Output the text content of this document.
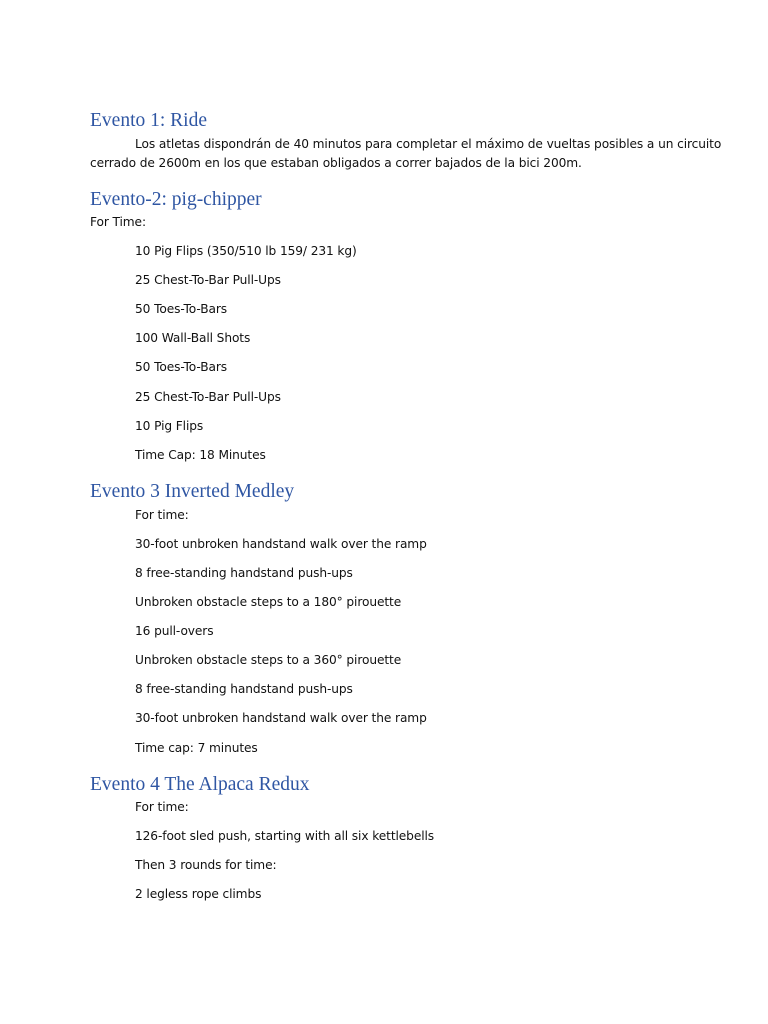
Evento 1: Ride
Los atletas dispondrán de 40 minutos para completar el máximo de vueltas posibles a un circuito
cerrado de 2600m en los que estaban obligados a correr bajados de la bici 200m.
Evento-2: pig-chipper
For Time:
10 Pig Flips (350/510 lb 159/ 231 kg)
25 Chest-To-Bar Pull-Ups
50 Toes-To-Bars
100 Wall-Ball Shots
50 Toes-To-Bars
25 Chest-To-Bar Pull-Ups
10 Pig Flips
Time Cap: 18 Minutes
Evento 3 Inverted Medley
For time:
30-foot unbroken handstand walk over the ramp
8 free-standing handstand push-ups
Unbroken obstacle steps to a 180° pirouette
16 pull-overs
Unbroken obstacle steps to a 360° pirouette
8 free-standing handstand push-ups
30-foot unbroken handstand walk over the ramp
Time cap: 7 minutes
Evento 4 The Alpaca Redux
For time:
126-foot sled push, starting with all six kettlebells
Then 3 rounds for time:
2 legless rope climbs
